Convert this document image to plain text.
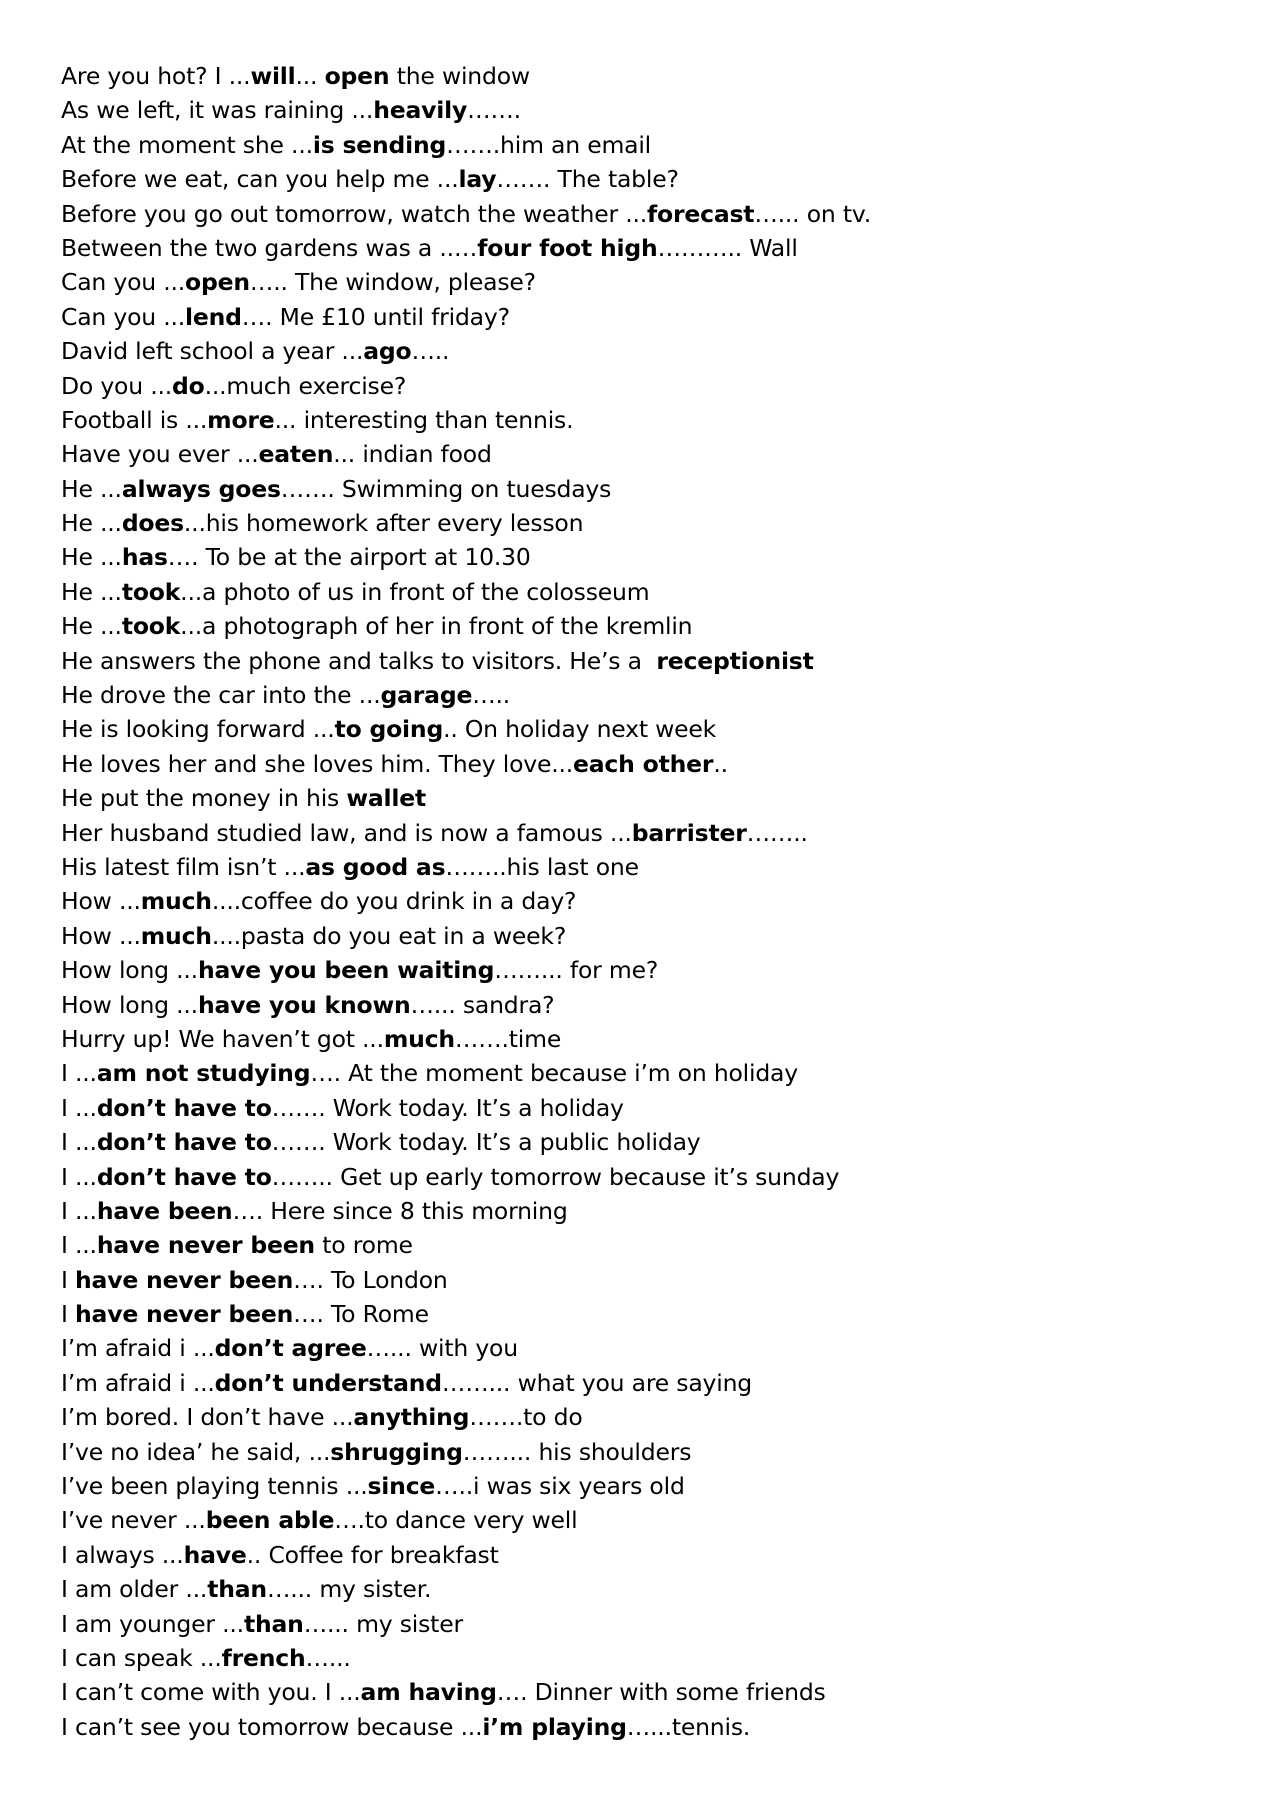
Are you hot? I ...will... open the window
As we left, it was raining ...heavily…….
At the moment she ...is sending…….him an email
Before we eat, can you help me ...lay……. The table?
Before you go out tomorrow, watch the weather ...forecast…... on tv.
Between the two gardens was a ..…four foot high……….. Wall
Can you ...open….. The window, please?
Can you ...lend…. Me £10 until friday?
David left school a year ...ago…..
Do you ...do...much exercise?
Football is ...more... interesting than tennis.
Have you ever ...eaten... indian food
He ...always goes……. Swimming on tuesdays
He ...does...his homework after every lesson
He ...has…. To be at the airport at 10.30
He ...took...a photo of us in front of the colosseum
He ...took...a photograph of her in front of the kremlin
He answers the phone and talks to visitors. He’s a  receptionist
He drove the car into the ...garage…..
He is looking forward ...to going.. On holiday next week
He loves her and she loves him. They love...each other..
He put the money in his wallet
Her husband studied law, and is now a famous ...barrister……..
His latest film isn’t ...as good as……..his last one
How ...much....coffee do you drink in a day?
How ...much....pasta do you eat in a week?
How long ...have you been waiting……... for me?
How long ...have you known…... sandra?
Hurry up! We haven’t got ...much…….time
I ...am not studying…. At the moment because i’m on holiday
I ...don’t have to……. Work today. It’s a holiday
I ...don’t have to……. Work today. It’s a public holiday
I ...don’t have to…….. Get up early tomorrow because it’s sunday
I ...have been…. Here since 8 this morning
I ...have never been to rome
I have never been…. To London
I have never been…. To Rome
I’m afraid i ...don’t agree…... with you
I’m afraid i ...don’t understand……... what you are saying
I’m bored. I don’t have ...anything…….to do
I’ve no idea’ he said, ...shrugging……... his shoulders
I’ve been playing tennis ...since…..i was six years old
I’ve never ...been able….to dance very well
I always ...have.. Coffee for breakfast
I am older ...than…... my sister.
I am younger ...than…... my sister
I can speak ...french…...
I can’t come with you. I ...am having…. Dinner with some friends
I can’t see you tomorrow because ...i’m playing…...tennis.
